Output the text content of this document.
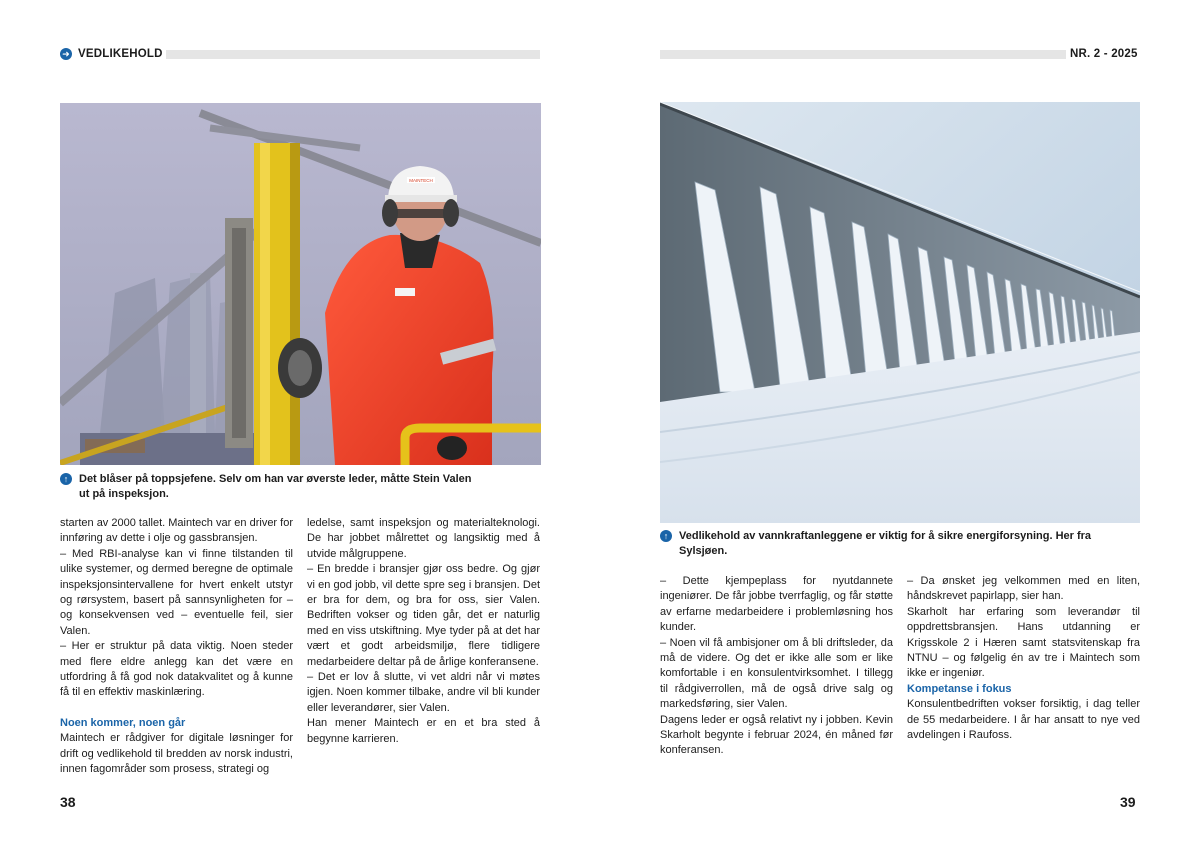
➜ VEDLIKEHOLD
MAINTECH
↑ Det blåser på toppsjefene. Selv om han var øverste leder, måtte Stein Valen ut på inspeksjon.

starten av 2000 tallet. Maintech var en driver for innføring av dette i olje og gassbransjen.

– Med RBI-analyse kan vi finne tilstanden til ulike systemer, og dermed beregne de optimale inspeksjonsintervallene for hvert enkelt utstyr og rørsystem, basert på sannsynligheten for – og konsekvensen ved – eventuelle feil, sier Valen.

– Her er struktur på data viktig. Noen steder med flere eldre anlegg kan det være en utfordring å få god nok datakvalitet og å kunne få til en effektiv maskinlæring.

Noen kommer, noen går

Maintech er rådgiver for digitale løsninger for drift og vedlikehold til bredden av norsk industri, innen fagområder som prosess, strategi og

ledelse, samt inspeksjon og materialteknologi. De har jobbet målrettet og langsiktig med å utvide målgruppene.

– En bredde i bransjer gjør oss bedre. Og gjør vi en god jobb, vil dette spre seg i bransjen. Det er bra for dem, og bra for oss, sier Valen. Bedriften vokser og tiden går, det er naturlig med en viss utskiftning. Mye tyder på at det har vært et godt arbeidsmiljø, flere tidligere medarbeidere deltar på de årlige konferansene.

– Det er lov å slutte, vi vet aldri når vi møtes igjen. Noen kommer tilbake, andre vil bli kunder eller leverandører, sier Valen.

Han mener Maintech er en et bra sted å begynne karrieren.

38
NR. 2 - 2025
↑ Vedlikehold av vannkraftanleggene er viktig for å sikre energiforsyning. Her fra Sylsjøen.

– Dette kjempeplass for nyutdannete ingeniører. De får jobbe tverrfaglig, og får støtte av erfarne medarbeidere i problemløsning hos kunder.

– Noen vil få ambisjoner om å bli driftsleder, da må de videre. Og det er ikke alle som er like komfortable i en konsulentvirksomhet. I tillegg til rådgiverrollen, må de også drive salg og markedsføring, sier Valen.

Dagens leder er også relativt ny i jobben. Kevin Skarholt begynte i februar 2024, én måned før konferansen.

– Da ønsket jeg velkommen med en liten, håndskrevet papirlapp, sier han.

Skarholt har erfaring som leverandør til oppdrettsbransjen. Hans utdanning er Krigsskole 2 i Hæren samt statsvitenskap fra NTNU – og følgelig én av tre i Maintech som ikke er ingeniør.

Kompetanse i fokus

Konsulentbedriften vokser forsiktig, i dag teller de 55 medarbeidere. I år har ansatt to nye ved avdelingen i Raufoss.

39
